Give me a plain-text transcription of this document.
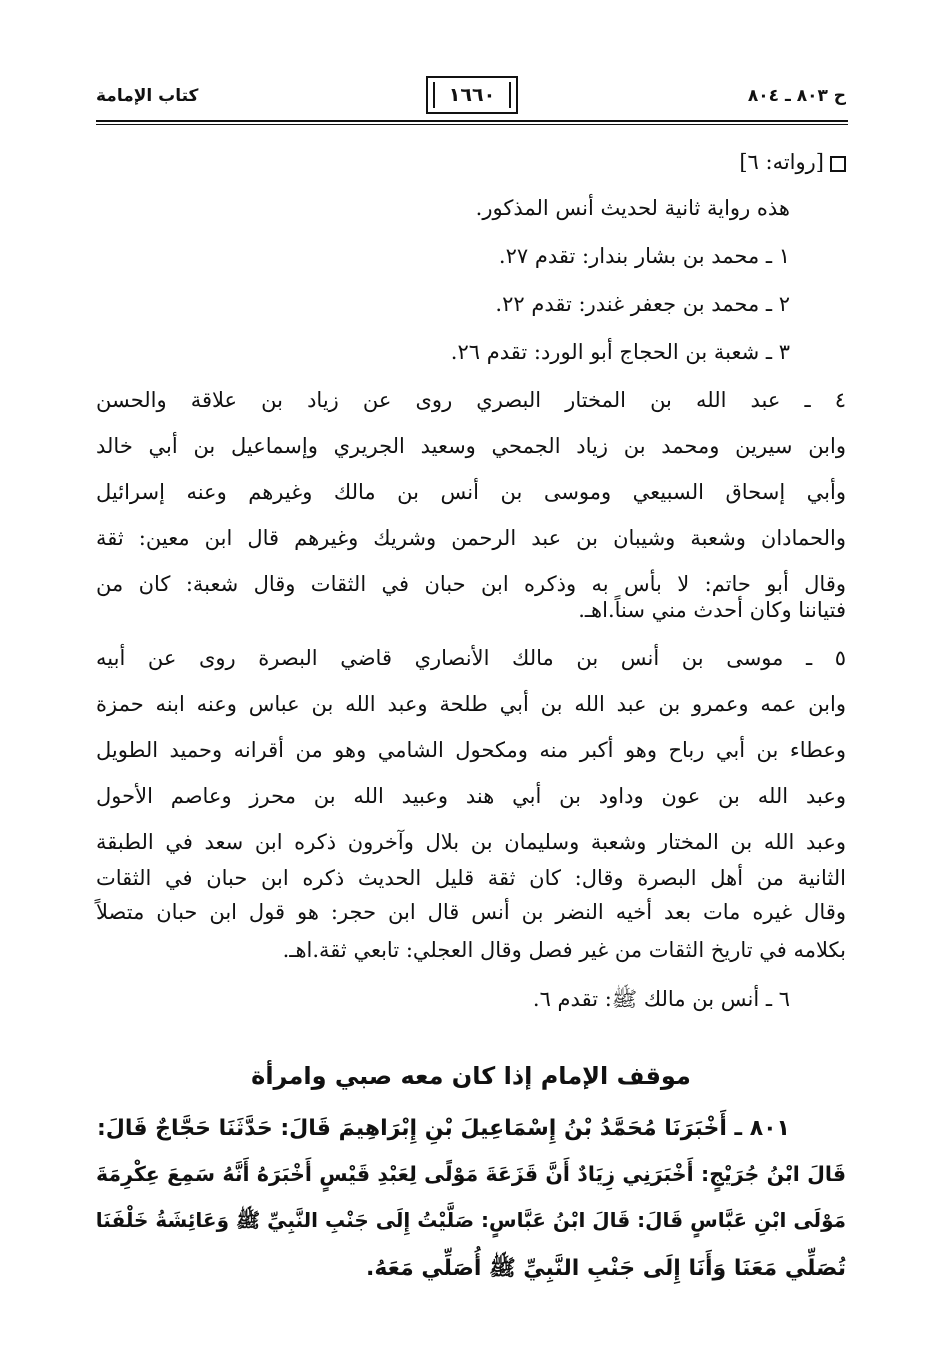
ح ٨٠٣ ـ ٨٠٤
١٦٦٠
كتاب الإمامة
[رواته: ٦]
هذه رواية ثانية لحديث أنس المذكور.
١ ـ محمد بن بشار بندار: تقدم ٢٧.
٢ ـ محمد بن جعفر غندر: تقدم ٢٢.
٣ ـ شعبة بن الحجاج أبو الورد: تقدم ٢٦.
٤ ـ عبد الله بن المختار البصري روى عن زياد بن علاقة والحسن
وابن سيرين ومحمد بن زياد الجمحي وسعيد الجريري وإسماعيل بن أبي خالد
وأبي إسحاق السبيعي وموسى بن أنس بن مالك وغيرهم وعنه إسرائيل
والحمادان وشعبة وشيبان بن عبد الرحمن وشريك وغيرهم قال ابن معين: ثقة
وقال أبو حاتم: لا بأس به وذكره ابن حبان في الثقات وقال شعبة: كان من
فتياننا وكان أحدث مني سناً.اهـ.
٥ ـ موسى بن أنس بن مالك الأنصاري قاضي البصرة روى عن أبيه
وابن عمه وعمرو بن عبد الله بن أبي طلحة وعبد الله بن عباس وعنه ابنه حمزة
وعطاء بن أبي رباح وهو أكبر منه ومكحول الشامي وهو من أقرانه وحميد الطويل
وعبد الله بن عون وداود بن أبي هند وعبيد الله بن محرز وعاصم الأحول
وعبد الله بن المختار وشعبة وسليمان بن بلال وآخرون ذكره ابن سعد في الطبقة
الثانية من أهل البصرة وقال: كان ثقة قليل الحديث ذكره ابن حبان في الثقات
وقال غيره مات بعد أخيه النضر بن أنس قال ابن حجر: هو قول ابن حبان متصلاً
بكلامه في تاريخ الثقات من غير فصل وقال العجلي: تابعي ثقة.اهـ.
٦ ـ أنس بن مالك ﷺ: تقدم ٦.
موقف الإمام إذا كان معه صبي وامرأة
٨٠١ ـ أَخْبَرَنَا مُحَمَّدُ بْنُ إِسْمَاعِيلَ بْنِ إِبْرَاهِيمَ قَالَ: حَدَّثَنَا حَجَّاجٌ قَالَ:
قَالَ ابْنُ جُرَيْجٍ: أَخْبَرَنِي زِيَادٌ أَنَّ قَزَعَةَ مَوْلًى لِعَبْدِ قَيْسٍ أَخْبَرَهُ أَنَّهُ سَمِعَ عِكْرِمَةَ
مَوْلَى ابْنِ عَبَّاسٍ قَالَ: قَالَ ابْنُ عَبَّاسٍ: صَلَّيْتُ إِلَى جَنْبِ النَّبِيِّ ﷺ وَعَائِشَةُ خَلْفَنَا
تُصَلِّي مَعَنَا وَأَنَا إِلَى جَنْبِ النَّبِيِّ ﷺ أُصَلِّي مَعَهُ.
